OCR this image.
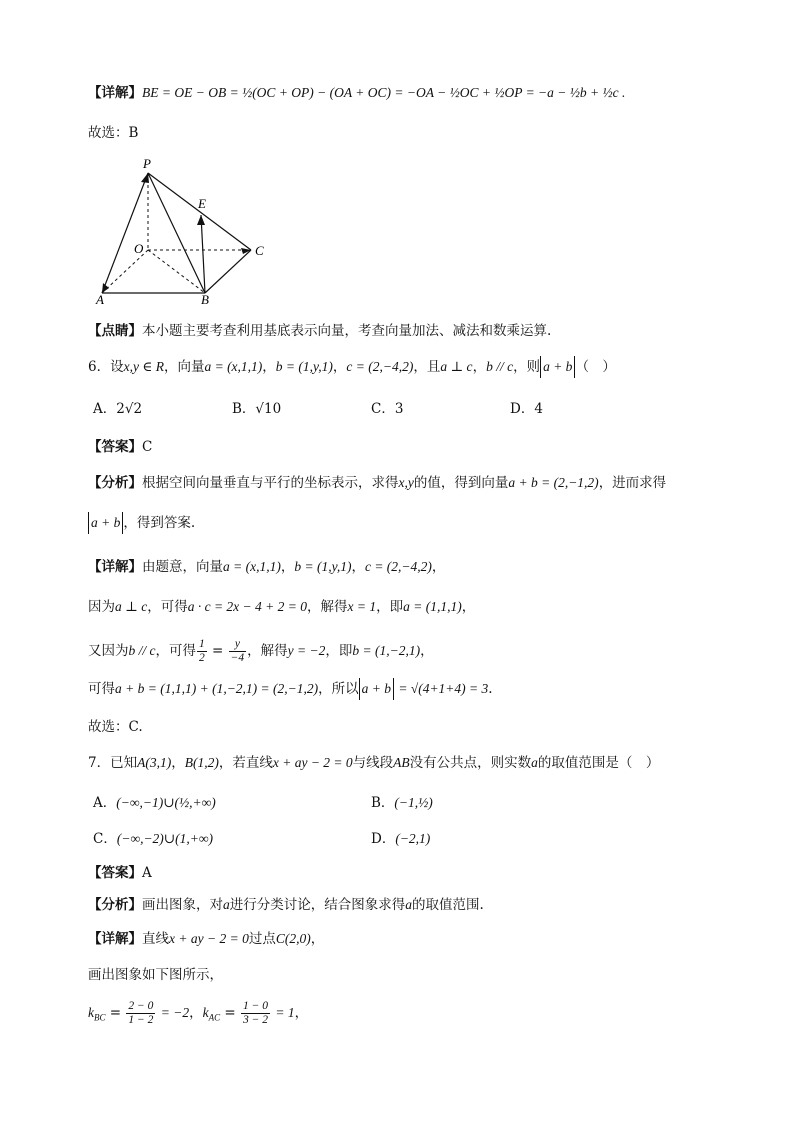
【详解】BE = OE − OB = ½(OC + OP) − (OA + OC) = −OA − ½OC + ½OP = −a − ½b + ½c .
故选：B
P
E
O	C
A	B
【点睛】本小题主要考查利用基底表示向量，考查向量加法、减法和数乘运算.
6．设x,y ∈ R，向量a = (x,1,1)，b = (1,y,1)，c = (2,−4,2)，且a ⊥ c，b // c，则 a + b （　）
A．2√2	B．√10	C．3	D．4
【答案】C
【分析】根据空间向量垂直与平行的坐标表示，求得x,y的值，得到向量a + b = (2,−1,2)，进而求得
a + b ，得到答案.
【详解】由题意，向量a = (x,1,1)，b = (1,y,1)，c = (2,−4,2)，
因为a ⊥ c，可得a · c = 2x − 4 + 2 = 0，解得x = 1，即a = (1,1,1)，
又因为b // c，可得 $\frac{1}{2} = \frac{y}{-4}$ ，解得y = −2，即b = (1,−2,1)，
可得a + b = (1,1,1) + (1,−2,1) = (2,−1,2)，所以 a + b = √(4+1+4) = 3.
故选：C.
7．已知A(3,1)，B(1,2)，若直线x + ay − 2 = 0与线段AB没有公共点，则实数a的取值范围是（　）
A．(−∞,−1)∪(½,+∞)	B．(−1,½)
C．(−∞,−2)∪(1,+∞)	D．(−2,1)
【答案】A
【分析】画出图象，对a进行分类讨论，结合图象求得a的取值范围.
【详解】直线x + ay − 2 = 0过点C(2,0)，
画出图象如下图所示，
$k_{BC} = \frac{2 - 0}{1 - 2} = -2$，$k_{AC} = \frac{1 - 0}{3 - 2} = 1$，
